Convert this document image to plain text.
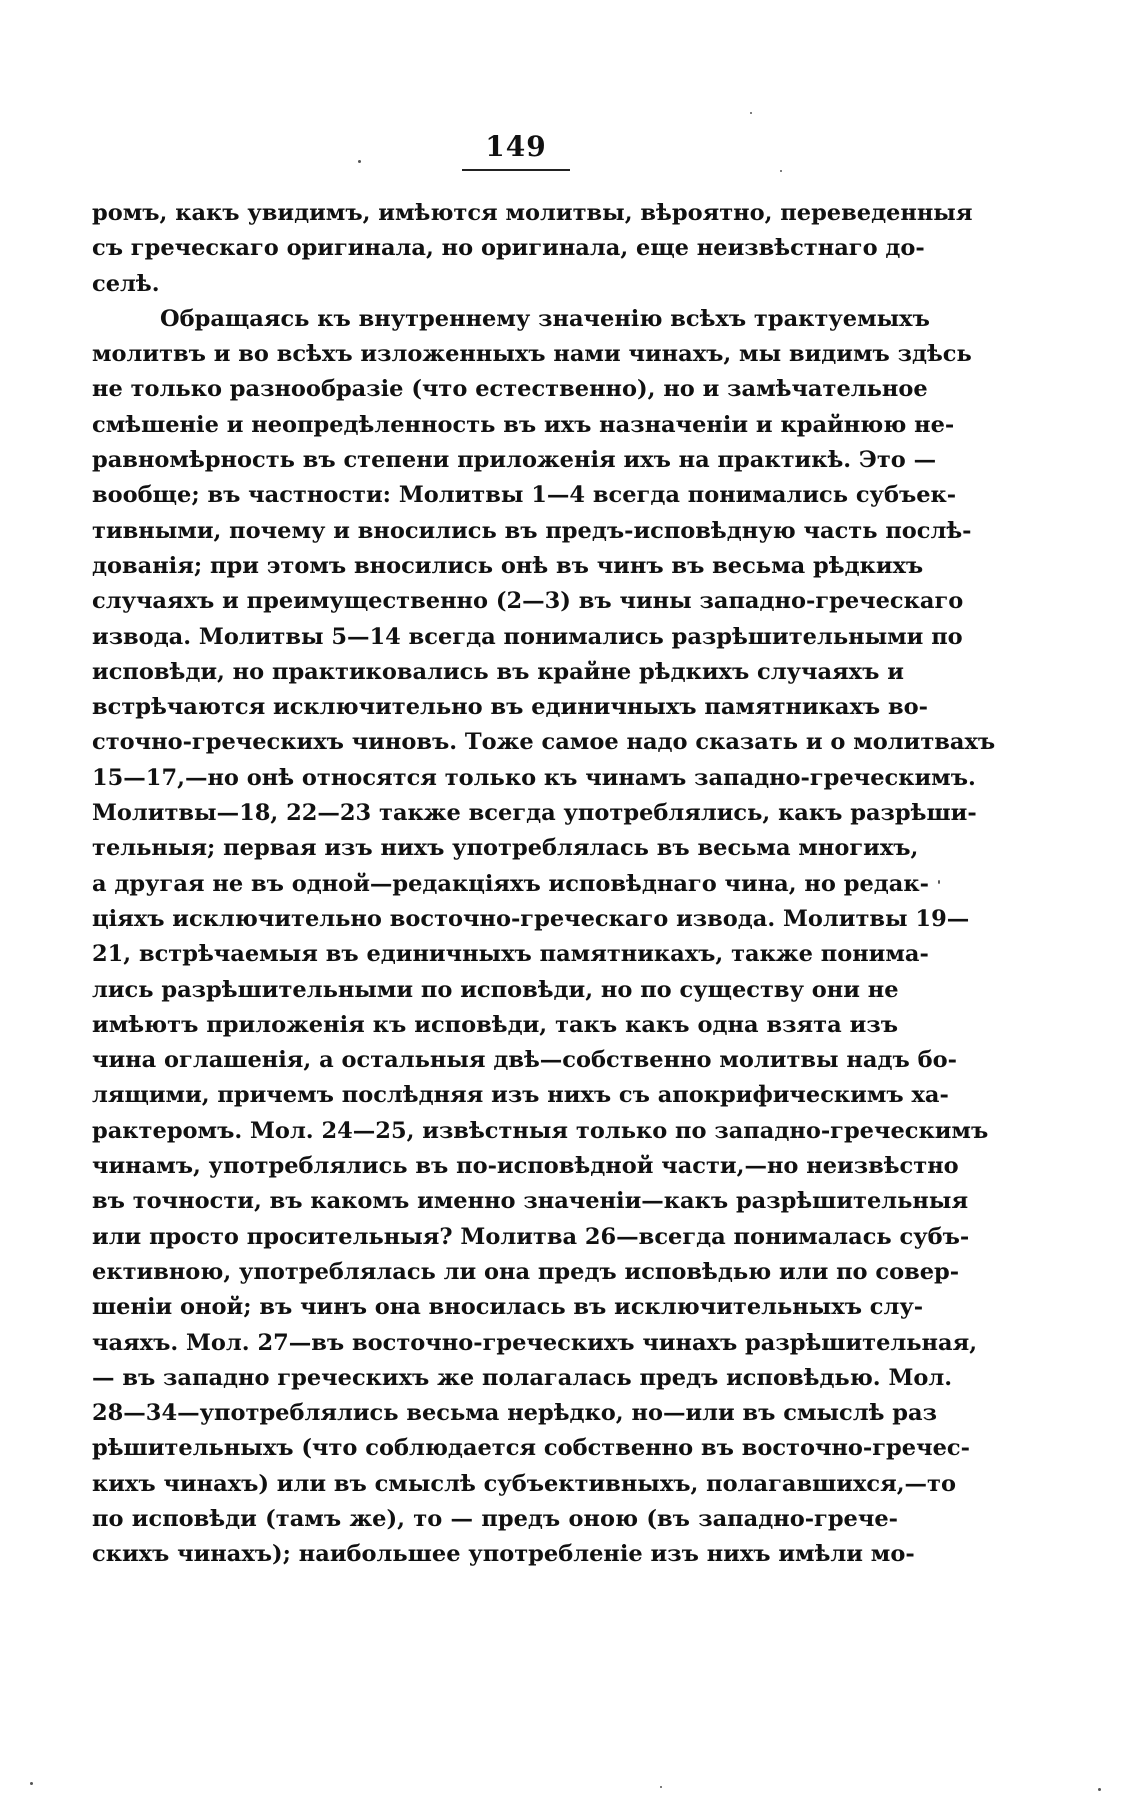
149
ромъ, какъ увидимъ, имѣются молитвы, вѣроятно, переведенныя
съ греческаго оригинала, но оригинала, еще неизвѣстнаго до-
селѣ.
Обращаясь къ внутреннему значенію всѣхъ трактуемыхъ
молитвъ и во всѣхъ изложенныхъ нами чинахъ, мы видимъ здѣсь
не только разнообразіе (что естественно), но и замѣчательное
смѣшеніе и неопредѣленность въ ихъ назначеніи и крайнюю не-
равномѣрность въ степени приложенія ихъ на практикѣ. Это —
вообще; въ частности: Молитвы 1—4 всегда понимались субъек-
тивными, почему и вносились въ предъ-исповѣдную часть послѣ-
дованія; при этомъ вносились онѣ въ чинъ въ весьма рѣдкихъ
случаяхъ и преимущественно (2—3) въ чины западно-греческаго
извода. Молитвы 5—14 всегда понимались разрѣшительными по
исповѣди, но практиковались въ крайне рѣдкихъ случаяхъ и
встрѣчаются исключительно въ единичныхъ памятникахъ во-
сточно-греческихъ чиновъ. Тоже самое надо сказать и о молитвахъ
15—17,—но онѣ относятся только къ чинамъ западно-греческимъ.
Молитвы—18, 22—23 также всегда употреблялись, какъ разрѣши-
тельныя; первая изъ нихъ употреблялась въ весьма многихъ,
а другая не въ одной—редакціяхъ исповѣднаго чина, но редак-
ціяхъ исключительно восточно-греческаго извода. Молитвы 19—
21, встрѣчаемыя въ единичныхъ памятникахъ, также понима-
лись разрѣшительными по исповѣди, но по существу они не
имѣютъ приложенія къ исповѣди, такъ какъ одна взята изъ
чина оглашенія, а остальныя двѣ—собственно молитвы надъ бо-
лящими, причемъ послѣдняя изъ нихъ съ апокрифическимъ ха-
рактеромъ. Мол. 24—25, извѣстныя только по западно-греческимъ
чинамъ, употреблялись въ по-исповѣдной части,—но неизвѣстно
въ точности, въ какомъ именно значеніи—какъ разрѣшительныя
или просто просительныя? Молитва 26—всегда понималась субъ-
ективною, употреблялась ли она предъ исповѣдью или по совер-
шеніи оной; въ чинъ она вносилась въ исключительныхъ слу-
чаяхъ. Мол. 27—въ восточно-греческихъ чинахъ разрѣшительная,
— въ западно греческихъ же полагалась предъ исповѣдью. Мол.
28—34—употреблялись весьма нерѣдко, но—или въ смыслѣ раз
рѣшительныхъ (что соблюдается собственно въ восточно-гречес-
кихъ чинахъ) или въ смыслѣ субъективныхъ, полагавшихся,—то
по исповѣди (тамъ же), то — предъ оною (въ западно-грече-
скихъ чинахъ); наибольшее употребленіе изъ нихъ имѣли мо-
